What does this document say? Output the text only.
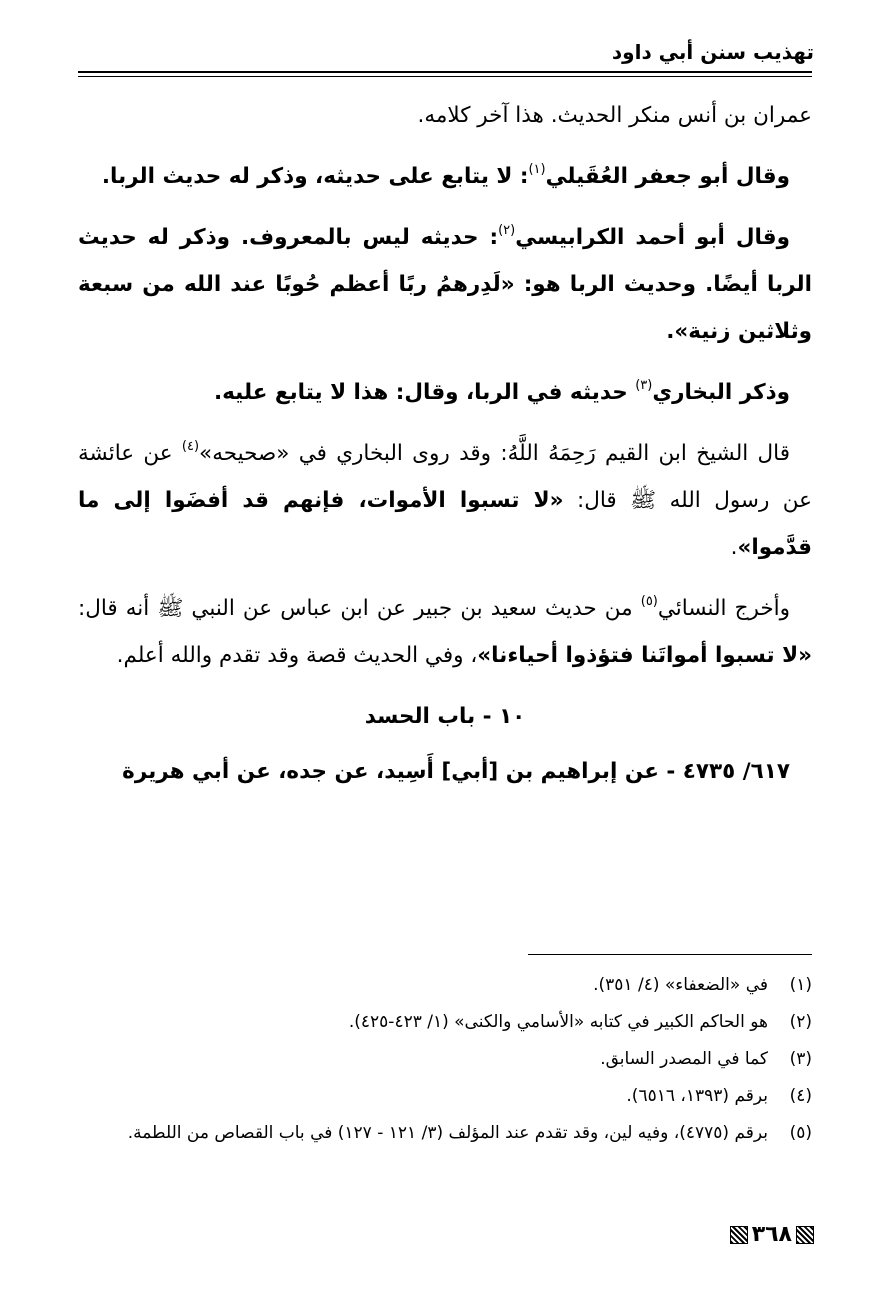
تهذيب سنن أبي داود

عمران بن أنس منكر الحديث. هذا آخر كلامه.

وقال أبو جعفر العُقَيلي$^{(١)}$: لا يتابع على حديثه، وذكر له حديث الربا.

وقال أبو أحمد الكرابيسي$^{(٢)}$: حديثه ليس بالمعروف. وذكر له حديث الربا أيضًا. وحديث الربا هو: «لَدِرهمُ ربًا أعظم حُوبًا عند الله من سبعة وثلاثين زنية».

وذكر البخاري$^{(٣)}$ حديثه في الربا، وقال: هذا لا يتابع عليه.

قال الشيخ ابن القيم رَحِمَهُ اللَّهُ: وقد روى البخاري في «صحيحه»$^{(٤)}$ عن عائشة عن رسول الله ﷺ قال: «لا تسبوا الأموات، فإنهم قد أفضَوا إلى ما قدَّموا».

وأخرج النسائي$^{(٥)}$ من حديث سعيد بن جبير عن ابن عباس عن النبي ﷺ أنه قال: «لا تسبوا أمواتَنا فتؤذوا أحياءنا»، وفي الحديث قصة وقد تقدم والله أعلم.

١٠ - باب الحسد

٦١٧/ ٤٧٣٥ - عن إبراهيم بن [أبي] أَسِيد، عن جده، عن أبي هريرة

(١)
في «الضعفاء» (٤/ ٣٥١).
(٢)
هو الحاكم الكبير في كتابه «الأسامي والكنى» (١/ ٤٢٣-٤٢٥).
(٣)
كما في المصدر السابق.
(٤)
برقم (١٣٩٣، ٦٥١٦).
(٥)
برقم (٤٧٧٥)، وفيه لين، وقد تقدم عند المؤلف (٣/ ١٢١ - ١٢٧) في باب القصاص من اللطمة.
٣٦٨
